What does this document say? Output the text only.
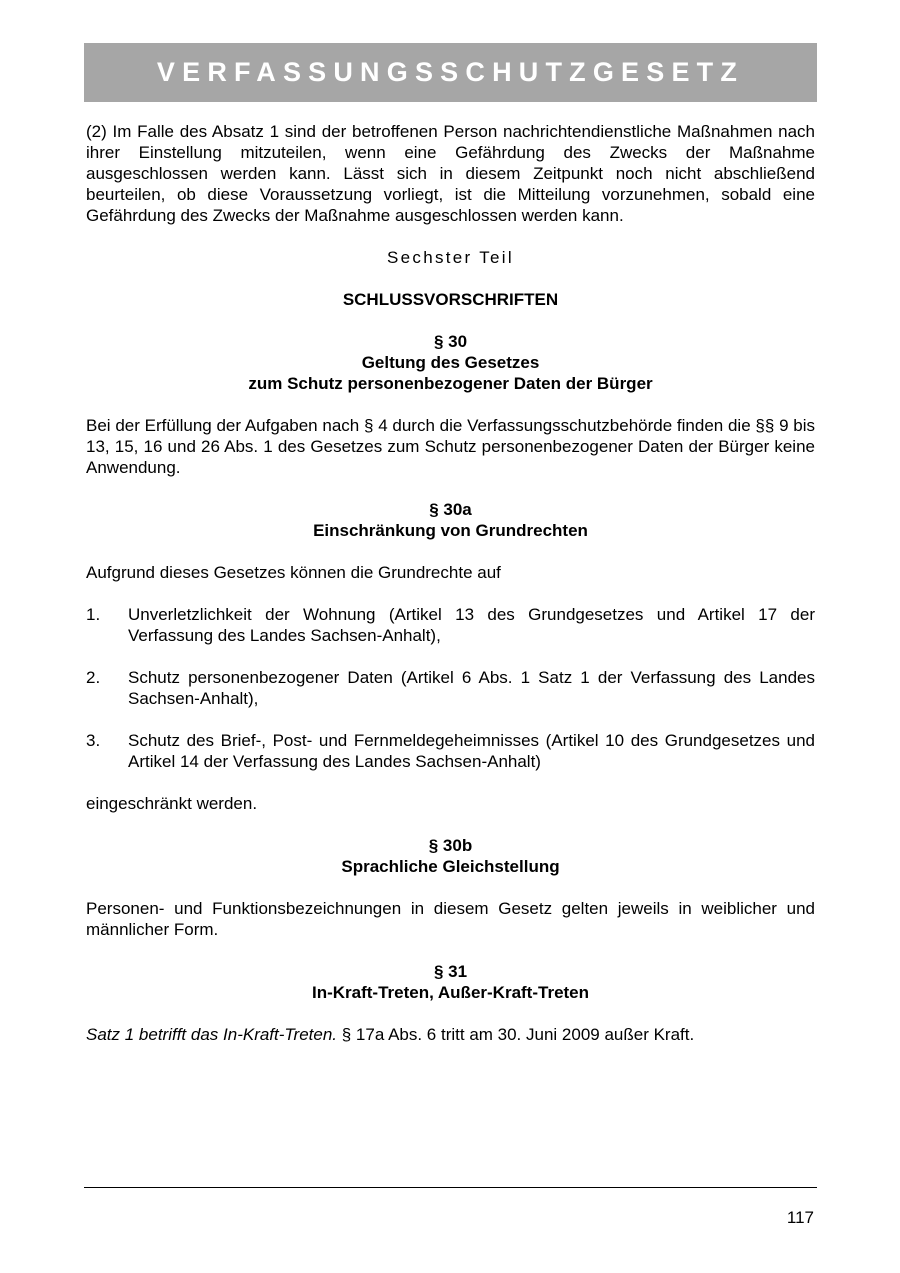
VERFASSUNGSSCHUTZGESETZ

(2) Im Falle des Absatz 1 sind der betroffenen Person nachrichtendienstliche Maßnahmen nach ihrer Einstellung mitzuteilen, wenn eine Gefährdung des Zwecks der Maßnahme ausgeschlossen werden kann. Lässt sich in diesem Zeitpunkt noch nicht abschließend beurteilen, ob diese Voraussetzung vorliegt, ist die Mitteilung vorzunehmen, sobald eine Gefährdung des Zwecks der Maßnahme ausgeschlossen werden kann.

Sechster Teil

SCHLUSSVORSCHRIFTEN

§ 30

Geltung des Gesetzes

zum Schutz personenbezogener Daten der Bürger

Bei der Erfüllung der Aufgaben nach § 4 durch die Verfassungsschutzbehörde finden die §§ 9 bis 13, 15, 16 und 26 Abs. 1 des Gesetzes zum Schutz personenbezogener Daten der Bürger keine Anwendung.

§ 30a

Einschränkung von Grundrechten

Aufgrund dieses Gesetzes können die Grundrechte auf

1.	Unverletzlichkeit der Wohnung (Artikel 13 des Grundgesetzes und Artikel 17 der Verfassung des Landes Sachsen-Anhalt),
2.	Schutz personenbezogener Daten (Artikel 6 Abs. 1 Satz 1 der Verfassung des Landes Sachsen-Anhalt),
3.	Schutz des Brief-, Post- und Fernmeldegeheimnisses (Artikel 10 des Grundgesetzes und Artikel 14 der Verfassung des Landes Sachsen-Anhalt)

eingeschränkt werden.

§ 30b

Sprachliche Gleichstellung

Personen- und Funktionsbezeichnungen in diesem Gesetz gelten jeweils in weiblicher und männlicher Form.

§ 31

In-Kraft-Treten, Außer-Kraft-Treten

Satz 1 betrifft das In-Kraft-Treten. § 17a Abs. 6 tritt am 30. Juni 2009 außer Kraft.

117
